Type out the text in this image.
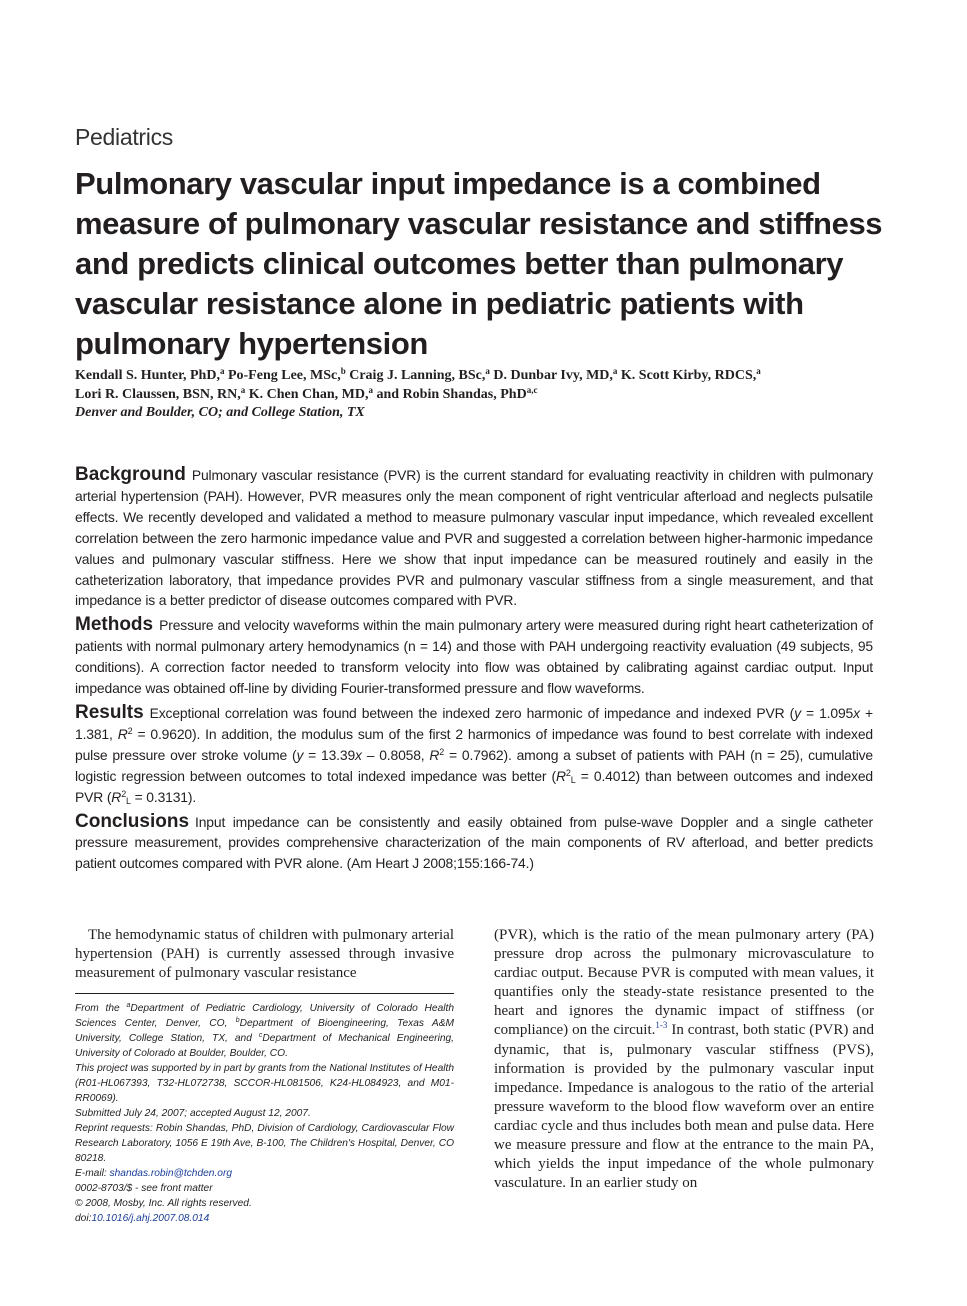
Pediatrics
Pulmonary vascular input impedance is a combined measure of pulmonary vascular resistance and stiffness and predicts clinical outcomes better than pulmonary vascular resistance alone in pediatric patients with pulmonary hypertension
Kendall S. Hunter, PhD,$^a$ Po-Feng Lee, MSc,$^b$ Craig J. Lanning, BSc,$^a$ D. Dunbar Ivy, MD,$^a$ K. Scott Kirby, RDCS,$^a$
Lori R. Claussen, BSN, RN,$^a$ K. Chen Chan, MD,$^a$ and Robin Shandas, PhD$^{a,c}$
Denver and Boulder, CO; and College Station, TX

Background Pulmonary vascular resistance (PVR) is the current standard for evaluating reactivity in children with pulmonary arterial hypertension (PAH). However, PVR measures only the mean component of right ventricular afterload and neglects pulsatile effects. We recently developed and validated a method to measure pulmonary vascular input impedance, which revealed excellent correlation between the zero harmonic impedance value and PVR and suggested a correlation between higher-harmonic impedance values and pulmonary vascular stiffness. Here we show that input impedance can be measured routinely and easily in the catheterization laboratory, that impedance provides PVR and pulmonary vascular stiffness from a single measurement, and that impedance is a better predictor of disease outcomes compared with PVR.

Methods Pressure and velocity waveforms within the main pulmonary artery were measured during right heart catheterization of patients with normal pulmonary artery hemodynamics (n = 14) and those with PAH undergoing reactivity evaluation (49 subjects, 95 conditions). A correction factor needed to transform velocity into flow was obtained by calibrating against cardiac output. Input impedance was obtained off-line by dividing Fourier-transformed pressure and flow waveforms.

Results Exceptional correlation was found between the indexed zero harmonic of impedance and indexed PVR (y = 1.095x + 1.381, $R^2 = 0.9620$). In addition, the modulus sum of the first 2 harmonics of impedance was found to best correlate with indexed pulse pressure over stroke volume (y = 13.39x – 0.8058, $R^2 = 0.7962$). among a subset of patients with PAH (n = 25), cumulative logistic regression between outcomes to total indexed impedance was better $(R^2_L = 0.4012)$ than between outcomes and indexed PVR $(R^2_L = 0.3131)$.

Conclusions Input impedance can be consistently and easily obtained from pulse-wave Doppler and a single catheter pressure measurement, provides comprehensive characterization of the main components of RV afterload, and better predicts patient outcomes compared with PVR alone. (Am Heart J 2008;155:166-74.)

The hemodynamic status of children with pulmonary arterial hypertension (PAH) is currently assessed through invasive measurement of pulmonary vascular resistance

From the $^a$Department of Pediatric Cardiology, University of Colorado Health Sciences Center, Denver, CO, $^b$Department of Bioengineering, Texas A&M University, College Station, TX, and $^c$Department of Mechanical Engineering, University of Colorado at Boulder, Boulder, CO.

This project was supported by in part by grants from the National Institutes of Health (R01-HL067393, T32-HL072738, SCCOR-HL081506, K24-HL084923, and M01-RR0069).

Submitted July 24, 2007; accepted August 12, 2007.

Reprint requests: Robin Shandas, PhD, Division of Cardiology, Cardiovascular Flow Research Laboratory, 1056 E 19th Ave, B-100, The Children's Hospital, Denver, CO 80218.

E-mail: shandas.robin@tchden.org

0002-8703/$ - see front matter

© 2008, Mosby, Inc. All rights reserved.

doi:10.1016/j.ahj.2007.08.014

(PVR), which is the ratio of the mean pulmonary artery (PA) pressure drop across the pulmonary microvasculature to cardiac output. Because PVR is computed with mean values, it quantifies only the steady-state resistance presented to the heart and ignores the dynamic impact of stiffness (or compliance) on the circuit.$^{1-3}$ In contrast, both static (PVR) and dynamic, that is, pulmonary vascular stiffness (PVS), information is provided by the pulmonary vascular input impedance. Impedance is analogous to the ratio of the arterial pressure waveform to the blood flow waveform over an entire cardiac cycle and thus includes both mean and pulse data. Here we measure pressure and flow at the entrance to the main PA, which yields the input impedance of the whole pulmonary vasculature. In an earlier study on
